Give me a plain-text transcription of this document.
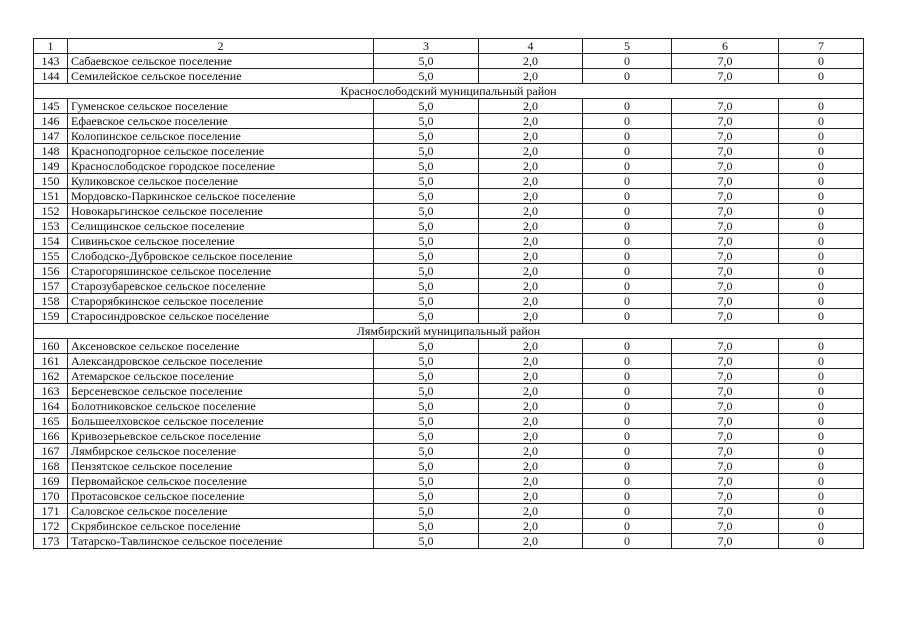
1	2	3	4	5	6	7
143	Сабаевское сельское поселение	5,0	2,0	0	7,0	0
144	Семилейское сельское поселение	5,0	2,0	0	7,0	0
Краснослободский муниципальный район						
145	Гуменское сельское поселение	5,0	2,0	0	7,0	0
146	Ефаевское сельское поселение	5,0	2,0	0	7,0	0
147	Колопинское сельское поселение	5,0	2,0	0	7,0	0
148	Красноподгорное сельское поселение	5,0	2,0	0	7,0	0
149	Краснослободское городское поселение	5,0	2,0	0	7,0	0
150	Куликовское сельское поселение	5,0	2,0	0	7,0	0
151	Мордовско-Паркинское сельское поселение	5,0	2,0	0	7,0	0
152	Новокарьгинское сельское поселение	5,0	2,0	0	7,0	0
153	Селищинское сельское поселение	5,0	2,0	0	7,0	0
154	Сивиньское сельское поселение	5,0	2,0	0	7,0	0
155	Слободско-Дубровское сельское поселение	5,0	2,0	0	7,0	0
156	Старогоряшинское сельское поселение	5,0	2,0	0	7,0	0
157	Старозубаревское сельское поселение	5,0	2,0	0	7,0	0
158	Старорябкинское сельское поселение	5,0	2,0	0	7,0	0
159	Старосиндровское сельское поселение	5,0	2,0	0	7,0	0
Лямбирский муниципальный район						
160	Аксеновское сельское поселение	5,0	2,0	0	7,0	0
161	Александровское сельское поселение	5,0	2,0	0	7,0	0
162	Атемарское сельское поселение	5,0	2,0	0	7,0	0
163	Берсеневское сельское поселение	5,0	2,0	0	7,0	0
164	Болотниковское сельское поселение	5,0	2,0	0	7,0	0
165	Большеелховское сельское поселение	5,0	2,0	0	7,0	0
166	Кривозерьевское сельское поселение	5,0	2,0	0	7,0	0
167	Лямбирское сельское поселение	5,0	2,0	0	7,0	0
168	Пензятское сельское поселение	5,0	2,0	0	7,0	0
169	Первомайское сельское поселение	5,0	2,0	0	7,0	0
170	Протасовское сельское поселение	5,0	2,0	0	7,0	0
171	Саловское сельское поселение	5,0	2,0	0	7,0	0
172	Скрябинское сельское поселение	5,0	2,0	0	7,0	0
173	Татарско-Тавлинское сельское поселение	5,0	2,0	0	7,0	0
